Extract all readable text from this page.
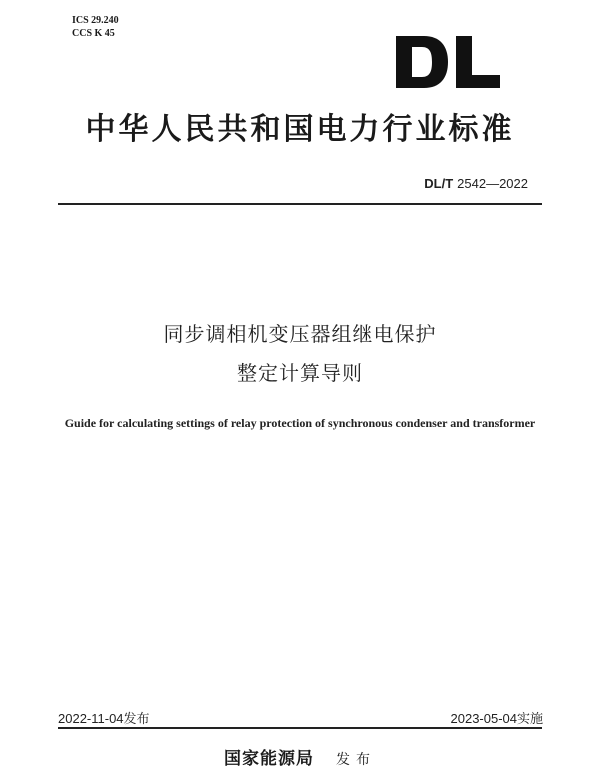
ICS 29.240
CCS K 45
中华人民共和国电力行业标准
DL/T 2542—2022
同步调相机变压器组继电保护
整定计算导则
Guide for calculating settings of relay protection of synchronous condenser and transformer
2022-11-04发布	2023-05-04实施
国家能源局 发布
